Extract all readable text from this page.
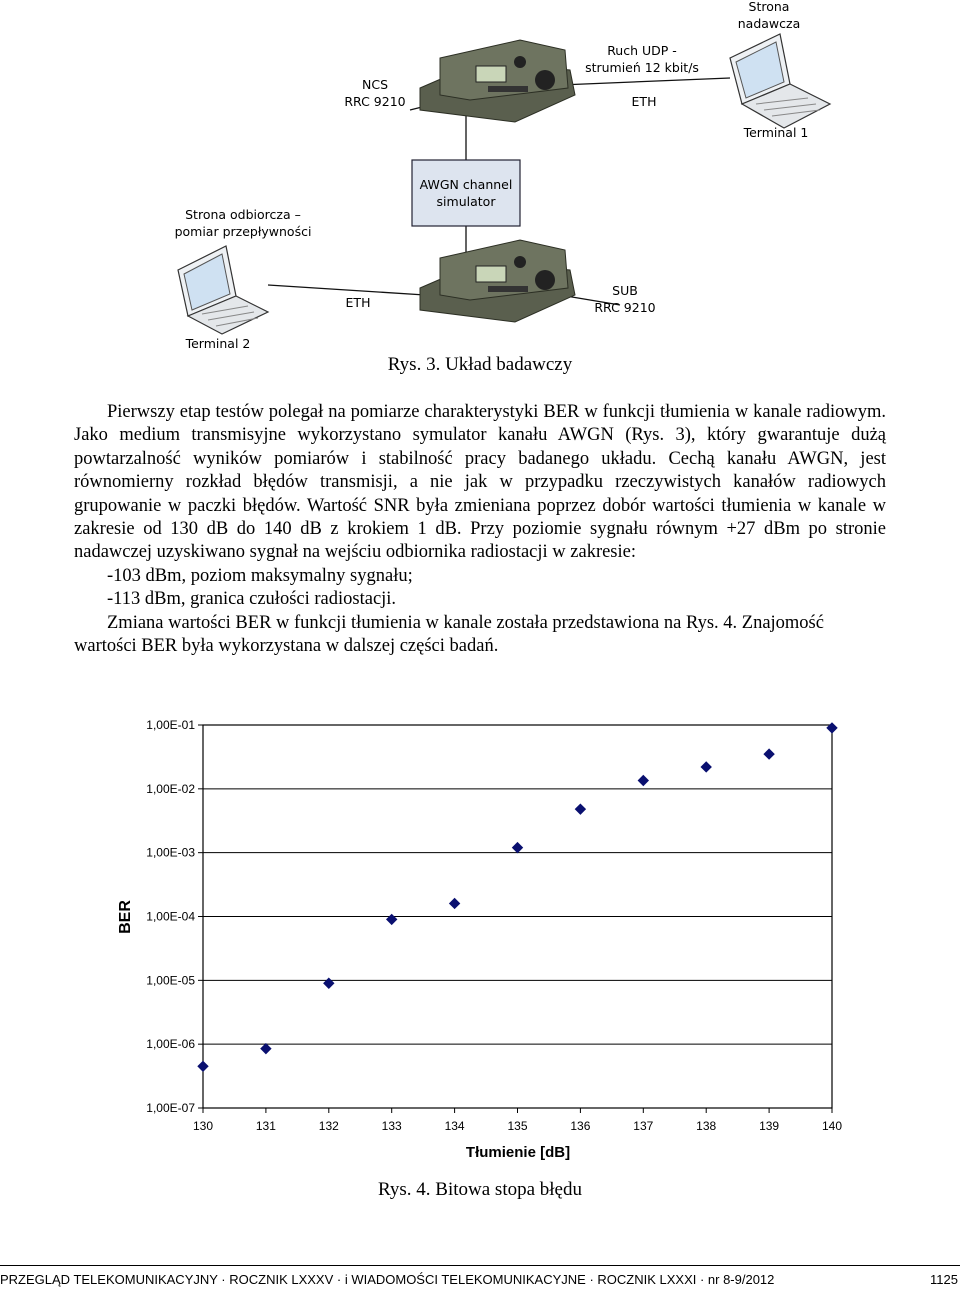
NCS
RRC 9210
Ruch UDP -
strumień 12 kbit/s
ETH
Strona
nadawcza
Terminal 1
AWGN channel
simulator
Strona odbiorcza –
pomiar przepływności
ETH
SUB
RRC 9210
Terminal 2
Rys. 3. Układ badawczy

Pierwszy etap testów polegał na pomiarze charakterystyki BER w funkcji tłumienia w kanale radiowym. Jako medium transmisyjne wykorzystano symulator kanału AWGN (Rys. 3), który gwarantuje dużą powtarzalność wyników pomiarów i stabilność pracy badanego układu. Cechą kanału AWGN, jest równomierny rozkład błędów transmisji, a nie jak w przypadku rzeczywistych kanałów radiowych grupowanie w paczki błędów. Wartość SNR była zmieniana poprzez dobór wartości tłumienia w kanale w zakresie od 130 dB do 140 dB z krokiem 1 dB. Przy poziomie sygnału równym +27 dBm po stronie nadawczej uzyskiwano sygnał na wejściu odbiornika radiostacji w zakresie:

-103 dBm, poziom maksymalny sygnału;

-113 dBm, granica czułości radiostacji.

Zmiana wartości BER w funkcji tłumienia w kanale została przedstawiona na Rys. 4. Znajomość wartości BER była wykorzystana w dalszej części badań.

1,00E-07
1,00E-06
1,00E-05
1,00E-04
1,00E-03
1,00E-02
1,00E-01
130	131	132	133	134	135	136	137	138	139	140
BER
Tłumienie [dB]
Rys. 4. Bitowa stopa błędu
PRZEGLĄD TELEKOMUNIKACYJNY · ROCZNIK LXXXV · i WIADOMOŚCI TELEKOMUNIKACYJNE · ROCZNIK LXXXI · nr 8-9/2012	1125
